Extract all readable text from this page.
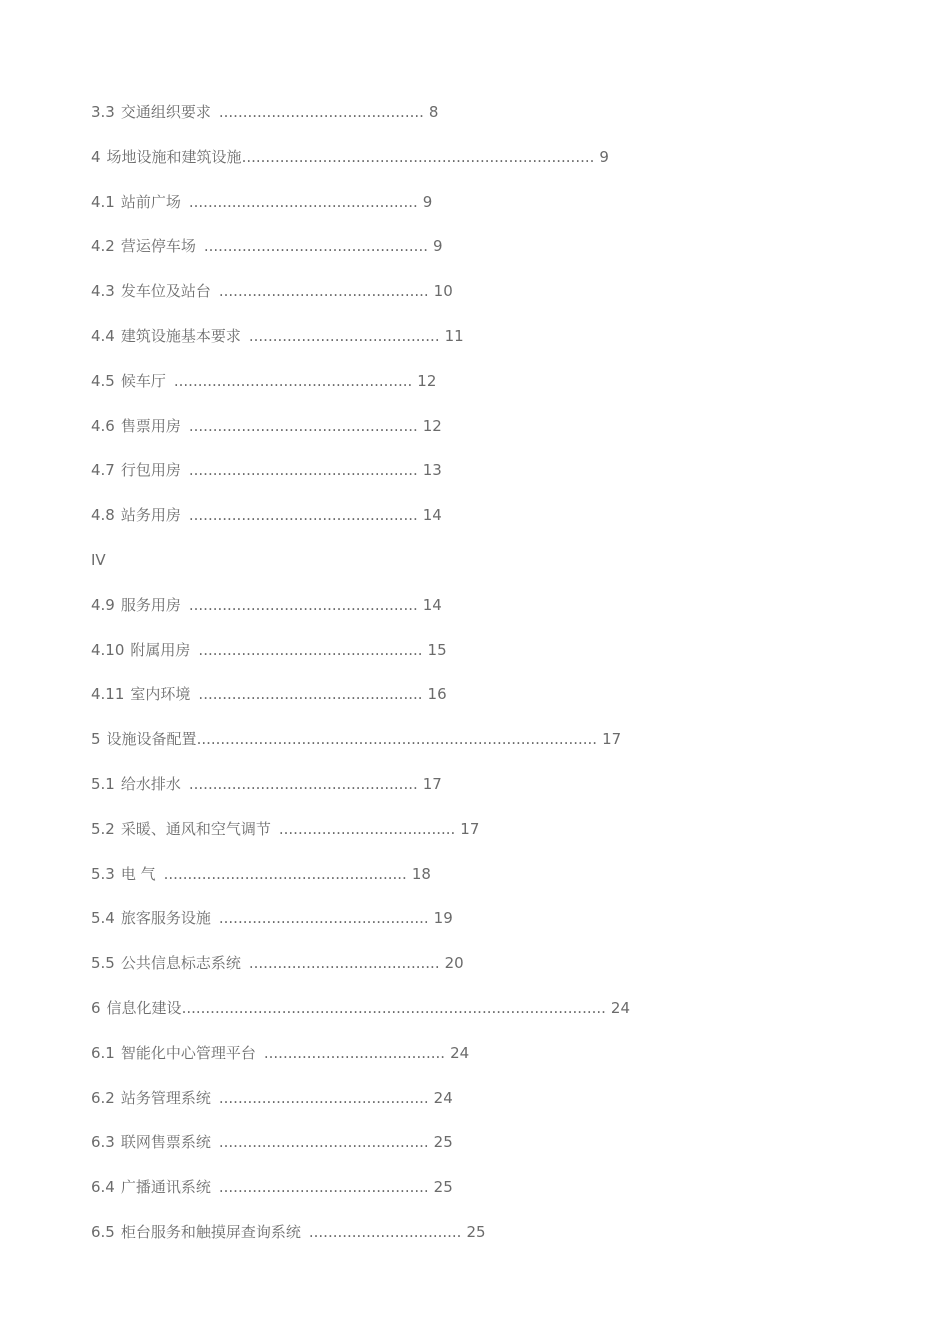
3.3 交通组织要求 ........................................... 8
4 场地设施和建筑设施.......................................................................... 9
4.1 站前广场 ................................................ 9
4.2 营运停车场 ............................................... 9
4.3 发车位及站台 ............................................ 10
4.4 建筑设施基本要求 ........................................ 11
4.5 候车厅 .................................................. 12
4.6 售票用房 ................................................ 12
4.7 行包用房 ................................................ 13
4.8 站务用房 ................................................ 14
IV
4.9 服务用房 ................................................ 14
4.10 附属用房 ............................................... 15
4.11 室内环境 ............................................... 16
5 设施设备配置.................................................................................... 17
5.1 给水排水 ................................................ 17
5.2 采暖、通风和空气调节 ..................................... 17
5.3 电 气 ................................................... 18
5.4 旅客服务设施 ............................................ 19
5.5 公共信息标志系统 ........................................ 20
6 信息化建设......................................................................................... 24
6.1 智能化中心管理平台 ...................................... 24
6.2 站务管理系统 ............................................ 24
6.3 联网售票系统 ............................................ 25
6.4 广播通讯系统 ............................................ 25
6.5 柜台服务和触摸屏查询系统 ................................ 25
